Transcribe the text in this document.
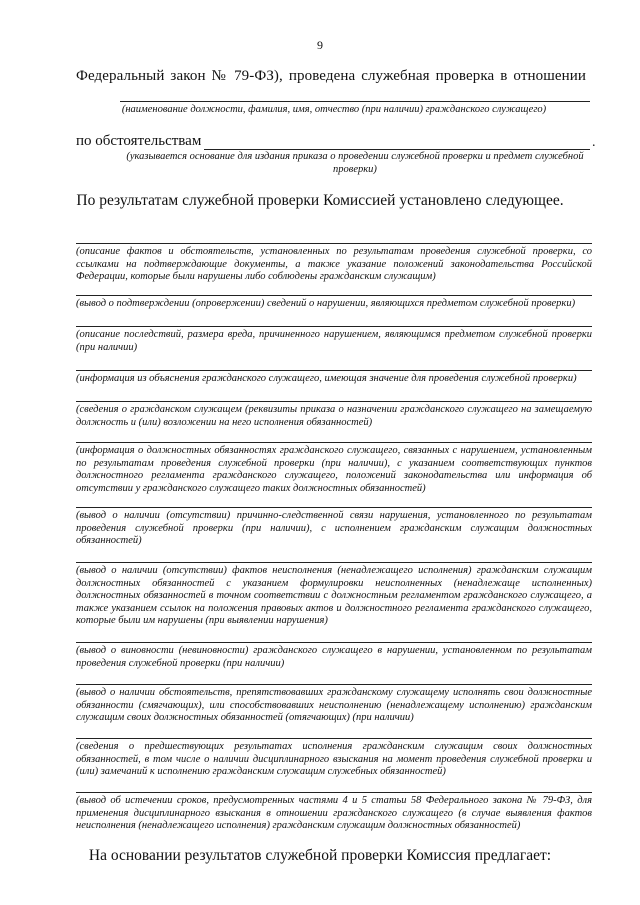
9
Федеральный закон № 79-ФЗ), проведена служебная проверка в отношении
(наименование должности, фамилия, имя, отчество (при наличии) гражданского служащего)
по обстоятельствам	.
(указывается основание для издания приказа о проведении служебной проверки и предмет служебной проверки)
По результатам служебной проверки Комиссией установлено следующее.
(описание фактов и обстоятельств, установленных по результатам проведения служебной проверки, со ссылками на подтверждающие документы, а также указание положений законодательства Российской Федерации, которые были нарушены либо соблюдены гражданским служащим)
(вывод о подтверждении (опровержении) сведений о нарушении, являющихся предметом служебной проверки)
(описание последствий, размера вреда, причиненного нарушением, являющимся предметом служебной проверки (при наличии)
(информация из объяснения гражданского служащего, имеющая значение для проведения служебной проверки)
(сведения о гражданском служащем (реквизиты приказа о назначении гражданского служащего на замещаемую должность и (или) возложении на него исполнения обязанностей)
(информация о должностных обязанностях гражданского служащего, связанных с нарушением, установленным по результатам проведения служебной проверки (при наличии), с указанием соответствующих пунктов должностного регламента гражданского служащего, положений законодательства или информация об отсутствии у гражданского служащего таких должностных обязанностей)
(вывод о наличии (отсутствии) причинно-следственной связи нарушения, установленного по результатам проведения служебной проверки (при наличии), с исполнением гражданским служащим должностных обязанностей)
(вывод о наличии (отсутствии) фактов неисполнения (ненадлежащего исполнения) гражданским служащим должностных обязанностей с указанием формулировки неисполненных (ненадлежаще исполненных) должностных обязанностей в точном соответствии с должностным регламентом гражданского служащего, а также указанием ссылок на положения правовых актов и должностного регламента гражданского служащего, которые были им нарушены (при выявлении нарушения)
(вывод о виновности (невиновности) гражданского служащего в нарушении, установленном по результатам проведения служебной проверки (при наличии)
(вывод о наличии обстоятельств, препятствовавших гражданскому служащему исполнять свои должностные обязанности (смягчающих), или способствовавших неисполнению (ненадлежащему исполнению) гражданским служащим своих должностных обязанностей (отягчающих) (при наличии)
(сведения о предшествующих результатах исполнения гражданским служащим своих должностных обязанностей, в том числе о наличии дисциплинарного взыскания на момент проведения служебной проверки и (или) замечаний к исполнению гражданским служащим служебных обязанностей)
(вывод об истечении сроков, предусмотренных частями 4 и 5 статьи 58 Федерального закона № 79-ФЗ, для применения дисциплинарного взыскания в отношении гражданского служащего (в случае выявления фактов неисполнения (ненадлежащего исполнения) гражданским служащим должностных обязанностей)
На основании результатов служебной проверки Комиссия предлагает:
